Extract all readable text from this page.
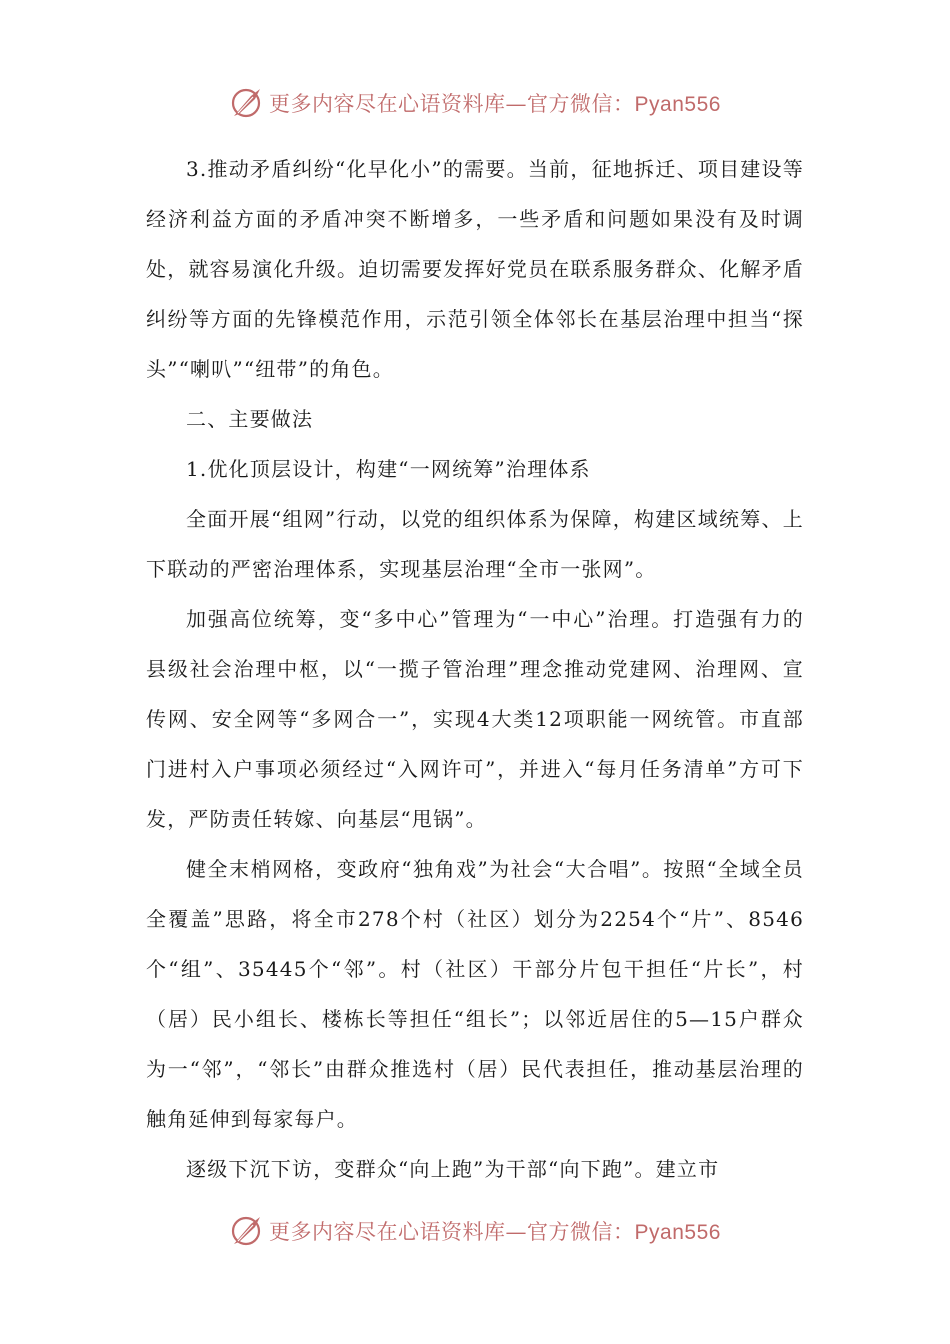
更多内容尽在心语资料库—官方微信：Pyan556

3.推动矛盾纠纷“化早化小”的需要。当前，征地拆迁、项目建设等经济利益方面的矛盾冲突不断增多，一些矛盾和问题如果没有及时调处，就容易演化升级。迫切需要发挥好党员在联系服务群众、化解矛盾纠纷等方面的先锋模范作用，示范引领全体邻长在基层治理中担当“探头”“喇叭”“纽带”的角色。

二、主要做法

1.优化顶层设计，构建“一网统筹”治理体系

全面开展“组网”行动，以党的组织体系为保障，构建区域统筹、上下联动的严密治理体系，实现基层治理“全市一张网”。

加强高位统筹，变“多中心”管理为“一中心”治理。打造强有力的县级社会治理中枢，以“一揽子管治理”理念推动党建网、治理网、宣传网、安全网等“多网合一”，实现4大类12项职能一网统管。市直部门进村入户事项必须经过“入网许可”，并进入“每月任务清单”方可下发，严防责任转嫁、向基层“甩锅”。

健全末梢网格，变政府“独角戏”为社会“大合唱”。按照“全域全员全覆盖”思路，将全市278个村（社区）划分为2254个“片”、8546个“组”、35445个“邻”。村（社区）干部分片包干担任“片长”，村（居）民小组长、楼栋长等担任“组长”；以邻近居住的5—15户群众为一“邻”，“邻长”由群众推选村（居）民代表担任，推动基层治理的触角延伸到每家每户。

逐级下沉下访，变群众“向上跑”为干部“向下跑”。建立市

更多内容尽在心语资料库—官方微信：Pyan556
